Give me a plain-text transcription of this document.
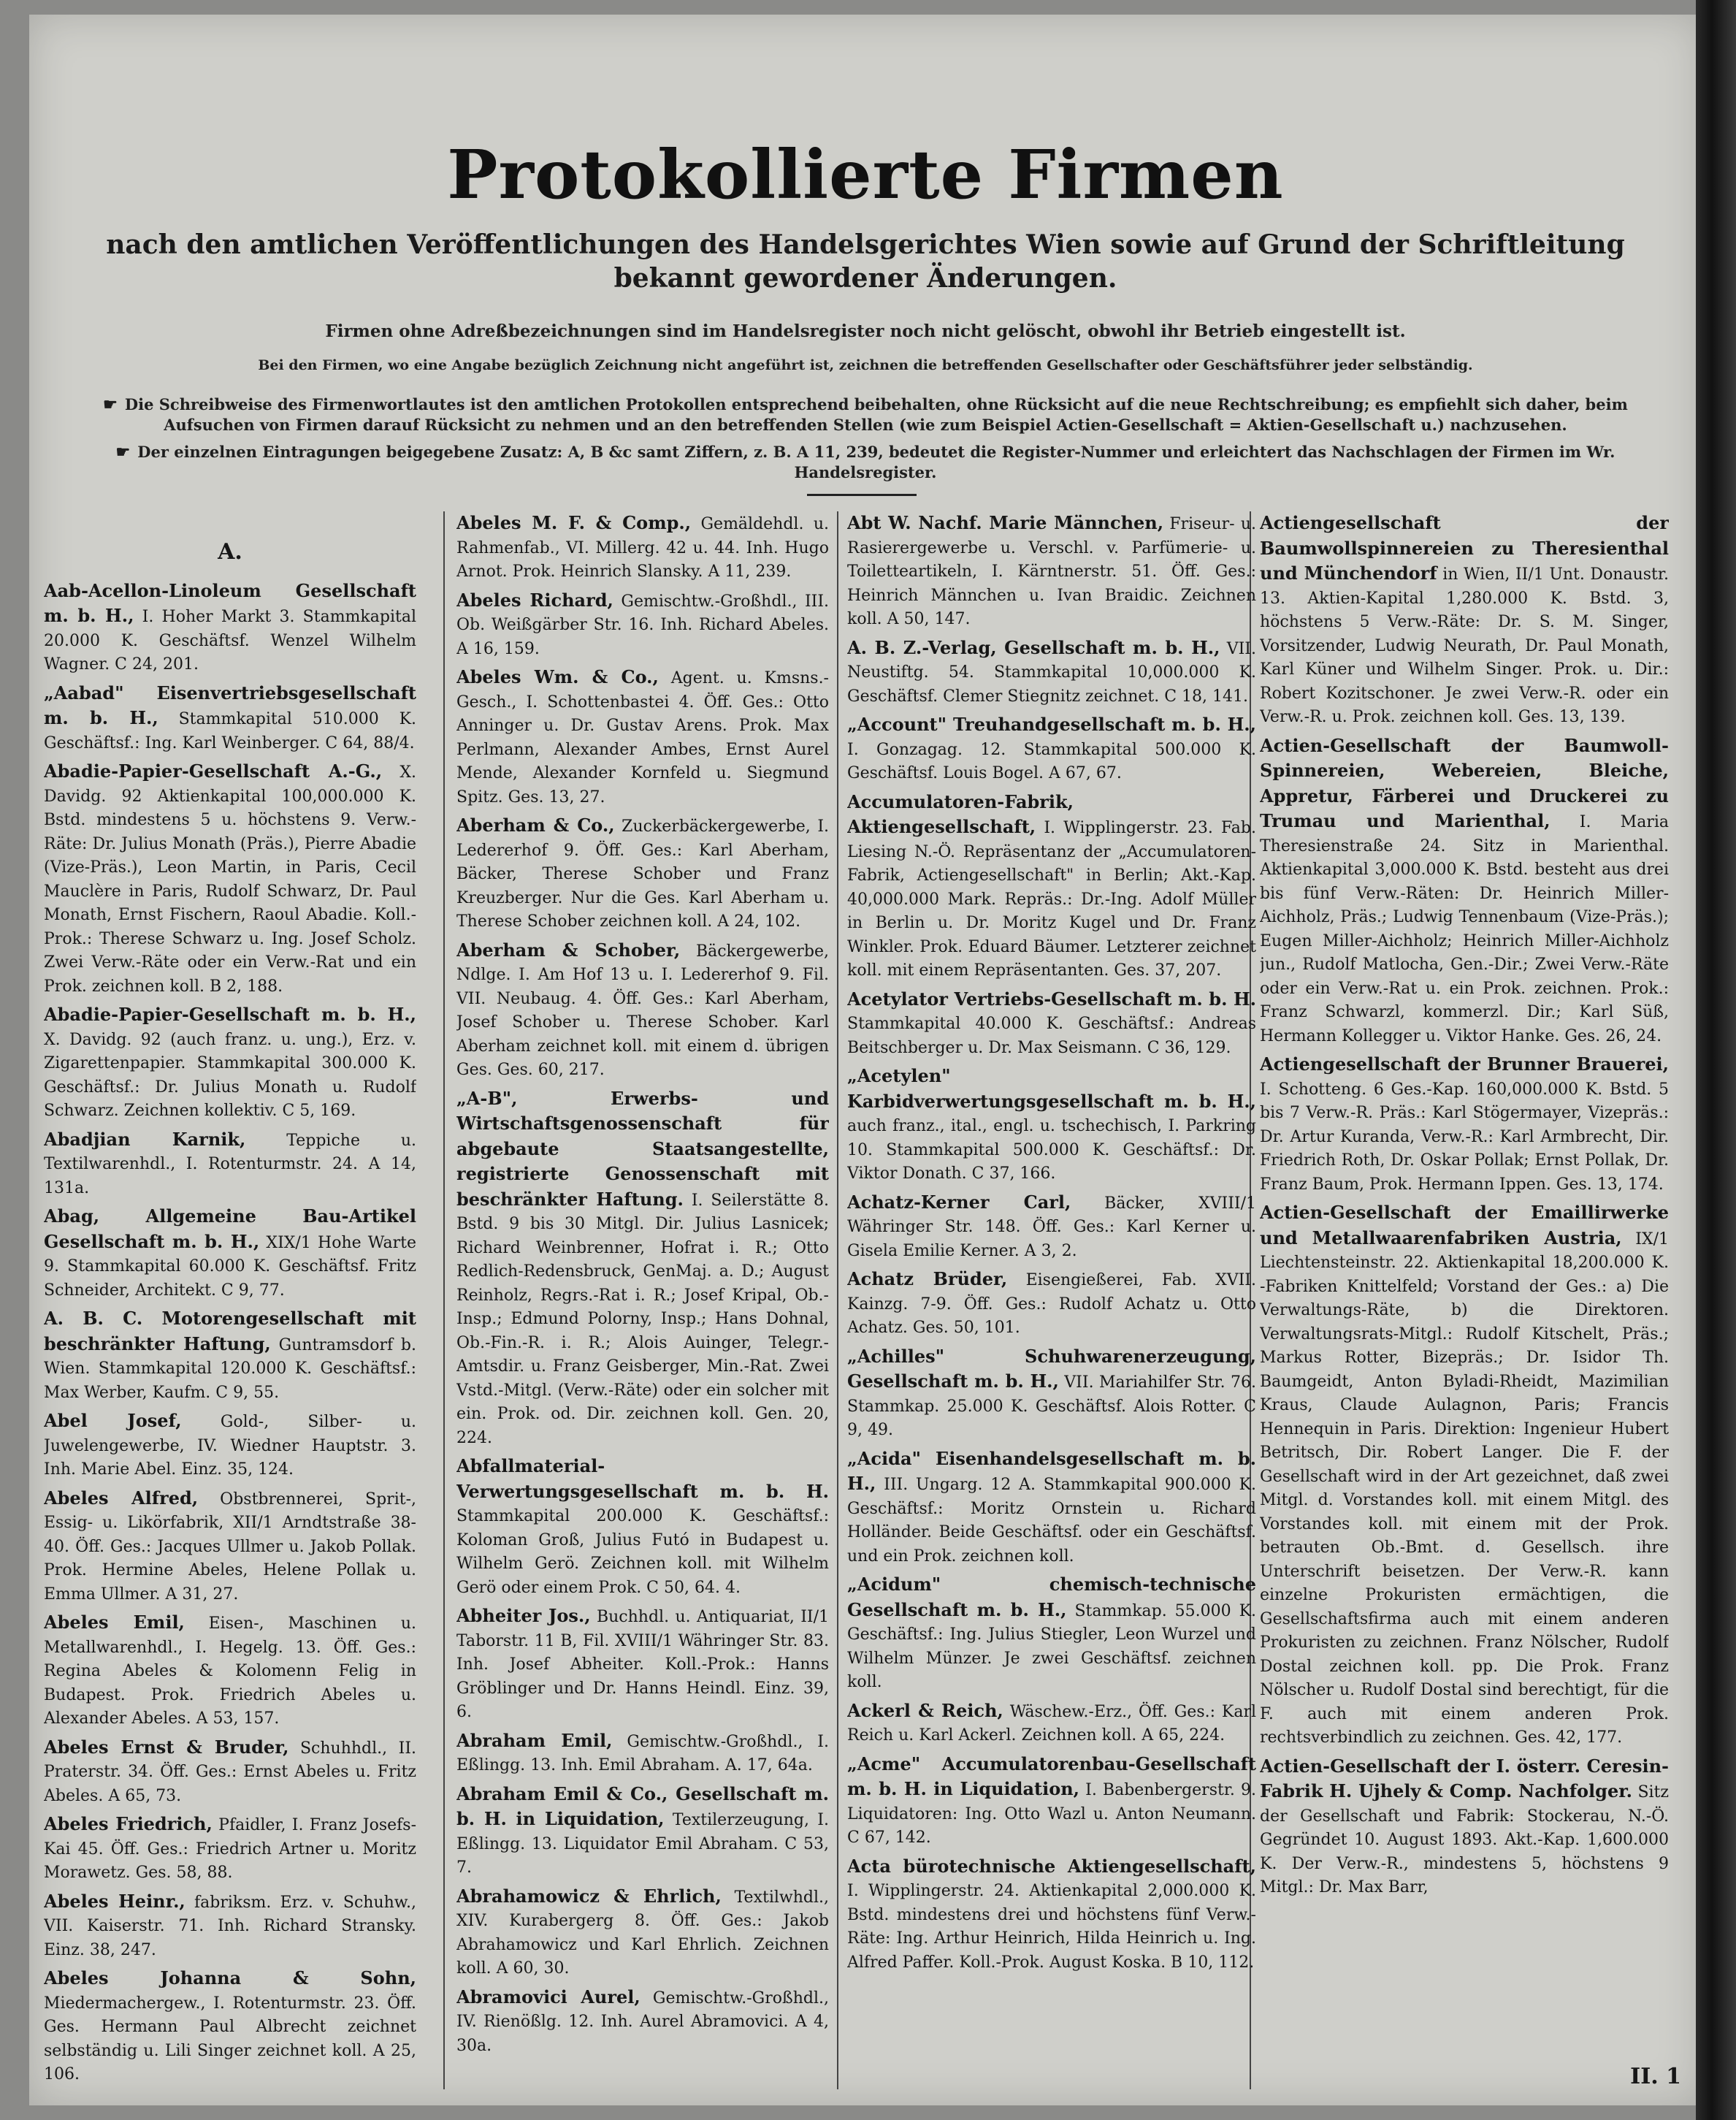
Protokollierte Firmen
nach den amtlichen Veröffentlichungen des Handelsgerichtes Wien sowie auf Grund der Schriftleitung bekannt gewordener Änderungen.
Firmen ohne Adreßbezeichnungen sind im Handelsregister noch nicht gelöscht, obwohl ihr Betrieb eingestellt ist.
Bei den Firmen, wo eine Angabe bezüglich Zeichnung nicht angeführt ist, zeichnen die betreffenden Gesellschafter oder Geschäftsführer jeder selbständig.
☛ Die Schreibweise des Firmenwortlautes ist den amtlichen Protokollen entsprechend beibehalten, ohne Rücksicht auf die neue Rechtschreibung; es empfiehlt sich daher, beim Aufsuchen von Firmen darauf Rücksicht zu nehmen und an den betreffenden Stellen (wie zum Beispiel Actien-Gesellschaft = Aktien-Gesellschaft u.) nachzusehen.
☛ Der einzelnen Eintragungen beigegebene Zusatz: A, B &c samt Ziffern, z. B. A 11, 239, bedeutet die Register-Nummer und erleichtert das Nachschlagen der Firmen im Wr. Handelsregister.
A.

Aab-Acellon-Linoleum Gesellschaft m. b. H., I. Hoher Markt 3. Stammkapital 20.000 K. Geschäftsf. Wenzel Wilhelm Wagner. C 24, 201.

„Aabad" Eisenvertriebsgesellschaft m. b. H., Stammkapital 510.000 K. Geschäftsf.: Ing. Karl Weinberger. C 64, 88/4.

Abadie-Papier-Gesellschaft A.-G., X. Davidg. 92 Aktienkapital 100,000.000 K. Bstd. mindestens 5 u. höchstens 9. Verw.-Räte: Dr. Julius Monath (Präs.), Pierre Abadie (Vize-Präs.), Leon Martin, in Paris, Cecil Mauclère in Paris, Rudolf Schwarz, Dr. Paul Monath, Ernst Fischern, Raoul Abadie. Koll.-Prok.: Therese Schwarz u. Ing. Josef Scholz. Zwei Verw.-Räte oder ein Verw.-Rat und ein Prok. zeichnen koll. B 2, 188.

Abadie-Papier-Gesellschaft m. b. H., X. Davidg. 92 (auch franz. u. ung.), Erz. v. Zigarettenpapier. Stammkapital 300.000 K. Geschäftsf.: Dr. Julius Monath u. Rudolf Schwarz. Zeichnen kollektiv. C 5, 169.

Abadjian Karnik,	Teppiche u. Textilwarenhdl., I. Rotenturmstr. 24. A 14, 131a.

Abag, Allgemeine Bau-Artikel Gesellschaft m. b. H., XIX/1 Hohe Warte 9. Stammkapital 60.000 K. Geschäftsf. Fritz Schneider, Architekt. C 9, 77.

A. B. C. Motorengesellschaft mit beschränkter Haftung, Guntramsdorf b. Wien. Stammkapital 120.000 K. Geschäftsf.: Max Werber, Kaufm. C 9, 55.

Abel Josef, Gold-, Silber- u. Juwelengewerbe, IV. Wiedner Hauptstr. 3. Inh. Marie Abel. Einz. 35, 124.

Abeles Alfred, Obstbrennerei, Sprit-, Essig- u. Likörfabrik, XII/1 Arndtstraße 38-40. Öff. Ges.: Jacques Ullmer u. Jakob Pollak. Prok. Hermine Abeles, Helene Pollak u. Emma Ullmer. A 31, 27.

Abeles Emil, Eisen-, Maschinen u. Metallwarenhdl., I. Hegelg. 13. Öff. Ges.: Regina Abeles & Kolomenn Felig in Budapest. Prok. Friedrich Abeles u. Alexander Abeles. A 53, 157.

Abeles Ernst & Bruder, Schuhhdl., II. Praterstr. 34. Öff. Ges.: Ernst Abeles u. Fritz Abeles. A 65, 73.

Abeles Friedrich, Pfaidler, I. Franz Josefs-Kai 45. Öff. Ges.: Friedrich Artner u. Moritz Morawetz. Ges. 58, 88.

Abeles Heinr., fabriksm. Erz. v. Schuhw., VII. Kaiserstr. 71. Inh. Richard Stransky. Einz. 38, 247.

Abeles Johanna & Sohn, Miedermachergew., I. Rotenturmstr. 23. Öff. Ges. Hermann Paul Albrecht zeichnet selbständig u. Lili Singer zeichnet koll. A 25, 106.

Abeles M. F. & Comp., Gemäldehdl. u. Rahmenfab., VI. Millerg. 42 u. 44. Inh. Hugo Arnot. Prok. Heinrich Slansky. A 11, 239.

Abeles Richard, Gemischtw.-Großhdl., III. Ob. Weißgärber Str. 16. Inh. Richard Abeles. A 16, 159.

Abeles Wm. & Co., Agent. u. Kmsns.-Gesch., I. Schottenbastei 4. Öff. Ges.: Otto Anninger u. Dr. Gustav Arens. Prok. Max Perlmann, Alexander Ambes, Ernst Aurel Mende, Alexander Kornfeld u. Siegmund Spitz. Ges. 13, 27.

Aberham & Co., Zuckerbäckergewerbe, I. Ledererhof 9. Öff. Ges.: Karl Aberham, Bäcker, Therese Schober und Franz Kreuzberger. Nur die Ges. Karl Aberham u. Therese Schober zeichnen koll. A 24, 102.

Aberham & Schober, Bäckergewerbe, Ndlge. I. Am Hof 13 u. I. Ledererhof 9. Fil. VII. Neubaug. 4. Öff. Ges.: Karl Aberham, Josef Schober u. Therese Schober. Karl Aberham zeichnet koll. mit einem d. übrigen Ges. Ges. 60, 217.

„A-B", Erwerbs- und Wirtschaftsgenossenschaft für abgebaute Staatsangestellte, registrierte Genossenschaft mit beschränkter Haftung. I. Seilerstätte 8. Bstd. 9 bis 30 Mitgl. Dir. Julius Lasnicek; Richard Weinbrenner, Hofrat i. R.; Otto Redlich-Redensbruck, GenMaj. a. D.; August Reinholz, Regrs.-Rat i. R.; Josef Kripal, Ob.-Insp.; Edmund Polorny, Insp.; Hans Dohnal, Ob.-Fin.-R. i. R.; Alois Auinger, Telegr.-Amtsdir. u. Franz Geisberger, Min.-Rat. Zwei Vstd.-Mitgl. (Verw.-Räte) oder ein solcher mit ein. Prok. od. Dir. zeichnen koll. Gen. 20, 224.

Abfallmaterial-Verwertungsgesellschaft m. b. H. Stammkapital 200.000 K. Geschäftsf.: Koloman Groß, Julius Futó in Budapest u. Wilhelm Gerö. Zeichnen koll. mit Wilhelm Gerö oder einem Prok. C 50, 64. 4.

Abheiter Jos., Buchhdl. u. Antiquariat, II/1 Taborstr. 11 B, Fil. XVIII/1 Währinger Str. 83. Inh. Josef Abheiter. Koll.-Prok.: Hanns Gröblinger und Dr. Hanns Heindl. Einz. 39, 6.

Abraham Emil, Gemischtw.-Großhdl., I. Eßlingg. 13. Inh. Emil Abraham. A. 17, 64a.

Abraham Emil & Co., Gesellschaft m. b. H. in Liquidation, Textilerzeugung, I. Eßlingg. 13. Liquidator Emil Abraham. C 53, 7.

Abrahamowicz & Ehrlich, Textilwhdl., XIV. Kurabergerg 8. Öff. Ges.: Jakob Abrahamowicz und Karl Ehrlich. Zeichnen koll. A 60, 30.

Abramovici Aurel, Gemischtw.-Großhdl., IV. Rienößlg. 12. Inh. Aurel Abramovici. A 4, 30a.

Abt W. Nachf. Marie Männchen, Friseur- u. Rasierergewerbe u. Verschl. v. Parfümerie- u. Toiletteartikeln, I. Kärntnerstr. 51. Öff. Ges.: Heinrich Männchen u. Ivan Braidic. Zeichnen koll. A 50, 147.

A. B. Z.-Verlag, Gesellschaft m. b. H., VII. Neustiftg. 54. Stammkapital 10,000.000 K. Geschäftsf. Clemer Stiegnitz zeichnet. C 18, 141.

„Account" Treuhandgesellschaft m. b. H., I. Gonzagag. 12. Stammkapital 500.000 K. Geschäftsf. Louis Bogel. A 67, 67.

Accumulatoren-Fabrik, Aktiengesellschaft, I. Wipplingerstr. 23. Fab. Liesing N.-Ö. Repräsentanz der „Accumulatoren-Fabrik, Actiengesellschaft" in Berlin; Akt.-Kap. 40,000.000 Mark. Repräs.: Dr.-Ing. Adolf Müller in Berlin u. Dr. Moritz Kugel und Dr. Franz Winkler. Prok. Eduard Bäumer. Letzterer zeichnet koll. mit einem Repräsentanten. Ges. 37, 207.

Acetylator Vertriebs-Gesellschaft m. b. H. Stammkapital 40.000 K. Geschäftsf.: Andreas Beitschberger u. Dr. Max Seismann. C 36, 129.

„Acetylen" Karbidverwertungsgesellschaft m. b. H., auch franz., ital., engl. u. tschechisch, I. Parkring 10. Stammkapital 500.000 K. Geschäftsf.: Dr. Viktor Donath. C 37, 166.

Achatz-Kerner Carl, Bäcker, XVIII/1 Währinger Str. 148. Öff. Ges.: Karl Kerner u. Gisela Emilie Kerner. A 3, 2.

Achatz Brüder, Eisengießerei, Fab. XVII. Kainzg. 7-9. Öff. Ges.: Rudolf Achatz u. Otto Achatz. Ges. 50, 101.

„Achilles" Schuhwarenerzeugung, Gesellschaft m. b. H., VII. Mariahilfer Str. 76. Stammkap. 25.000 K. Geschäftsf. Alois Rotter. C 9, 49.

„Acida" Eisenhandelsgesellschaft m. b. H., III. Ungarg. 12 A. Stammkapital 900.000 K. Geschäftsf.: Moritz Ornstein u. Richard Holländer. Beide Geschäftsf. oder ein Geschäftsf. und ein Prok. zeichnen koll.

„Acidum" chemisch-technische Gesellschaft m. b. H., Stammkap. 55.000 K. Geschäftsf.: Ing. Julius Stiegler, Leon Wurzel und Wilhelm Münzer. Je zwei Geschäftsf. zeichnen koll.

Ackerl & Reich, Wäschew.-Erz., Öff. Ges.: Karl Reich u. Karl Ackerl. Zeichnen koll. A 65, 224.

„Acme" Accumulatorenbau-Gesellschaft m. b. H. in Liquidation, I. Babenbergerstr. 9. Liquidatoren: Ing. Otto Wazl u. Anton Neumann. C 67, 142.

Acta bürotechnische Aktiengesellschaft, I. Wipplingerstr. 24. Aktienkapital 2,000.000 K. Bstd. mindestens drei und höchstens fünf Verw.-Räte: Ing. Arthur Heinrich, Hilda Heinrich u. Ing. Alfred Paffer. Koll.-Prok. August Koska. B 10, 112.

Actiengesellschaft der Baumwollspinnereien zu Theresienthal und Münchendorf in Wien, II/1 Unt. Donaustr. 13. Aktien-Kapital 1,280.000 K. Bstd. 3, höchstens 5 Verw.-Räte: Dr. S. M. Singer, Vorsitzender, Ludwig Neurath, Dr. Paul Monath, Karl Küner und Wilhelm Singer. Prok. u. Dir.: Robert Kozitschoner. Je zwei Verw.-R. oder ein Verw.-R. u. Prok. zeichnen koll. Ges. 13, 139.

Actien-Gesellschaft der Baumwoll-Spinnereien, Webereien, Bleiche, Appretur, Färberei und Druckerei zu Trumau und Marienthal, I. Maria Theresienstraße 24. Sitz in Marienthal. Aktienkapital 3,000.000 K. Bstd. besteht aus drei bis fünf Verw.-Räten: Dr. Heinrich Miller-Aichholz, Präs.; Ludwig Tennenbaum (Vize-Präs.); Eugen Miller-Aichholz; Heinrich Miller-Aichholz jun., Rudolf Matlocha, Gen.-Dir.; Zwei Verw.-Räte oder ein Verw.-Rat u. ein Prok. zeichnen. Prok.: Franz Schwarzl, kommerzl. Dir.; Karl Süß, Hermann Kollegger u. Viktor Hanke. Ges. 26, 24.

Actiengesellschaft der Brunner Brauerei, I. Schotteng. 6 Ges.-Kap. 160,000.000 K. Bstd. 5 bis 7 Verw.-R. Präs.: Karl Stögermayer, Vizepräs.: Dr. Artur Kuranda, Verw.-R.: Karl Armbrecht, Dir. Friedrich Roth, Dr. Oskar Pollak; Ernst Pollak, Dr. Franz Baum, Prok. Hermann Ippen. Ges. 13, 174.

Actien-Gesellschaft der Emaillirwerke und Metallwaarenfabriken Austria, IX/1 Liechtensteinstr. 22. Aktienkapital 18,200.000 K. -Fabriken Knittelfeld; Vorstand der Ges.: a) Die Verwaltungs-Räte, b) die Direktoren. Verwaltungsrats-Mitgl.: Rudolf Kitschelt, Präs.; Markus Rotter, Bizepräs.; Dr. Isidor Th. Baumgeidt, Anton Byladi-Rheidt, Mazimilian Kraus, Claude Aulagnon, Paris; Francis Hennequin in Paris. Direktion: Ingenieur Hubert Betritsch, Dir. Robert Langer. Die F. der Gesellschaft wird in der Art gezeichnet, daß zwei Mitgl. d. Vorstandes koll. mit einem Mitgl. des Vorstandes koll. mit einem mit der Prok. betrauten Ob.-Bmt. d. Gesellsch. ihre Unterschrift beisetzen. Der Verw.-R. kann einzelne Prokuristen ermächtigen, die Gesellschaftsfirma auch mit einem anderen Prokuristen zu zeichnen. Franz Nölscher, Rudolf Dostal zeichnen koll. pp. Die Prok. Franz Nölscher u. Rudolf Dostal sind berechtigt, für die F. auch mit einem anderen Prok. rechtsverbindlich zu zeichnen. Ges. 42, 177.

Actien-Gesellschaft der I. österr. Ceresin-Fabrik H. Ujhely & Comp. Nachfolger. Sitz der Gesellschaft und Fabrik: Stockerau, N.-Ö. Gegründet 10. August 1893. Akt.-Kap. 1,600.000 K. Der Verw.-R., mindestens 5, höchstens 9 Mitgl.: Dr. Max Barr,

II. 1
